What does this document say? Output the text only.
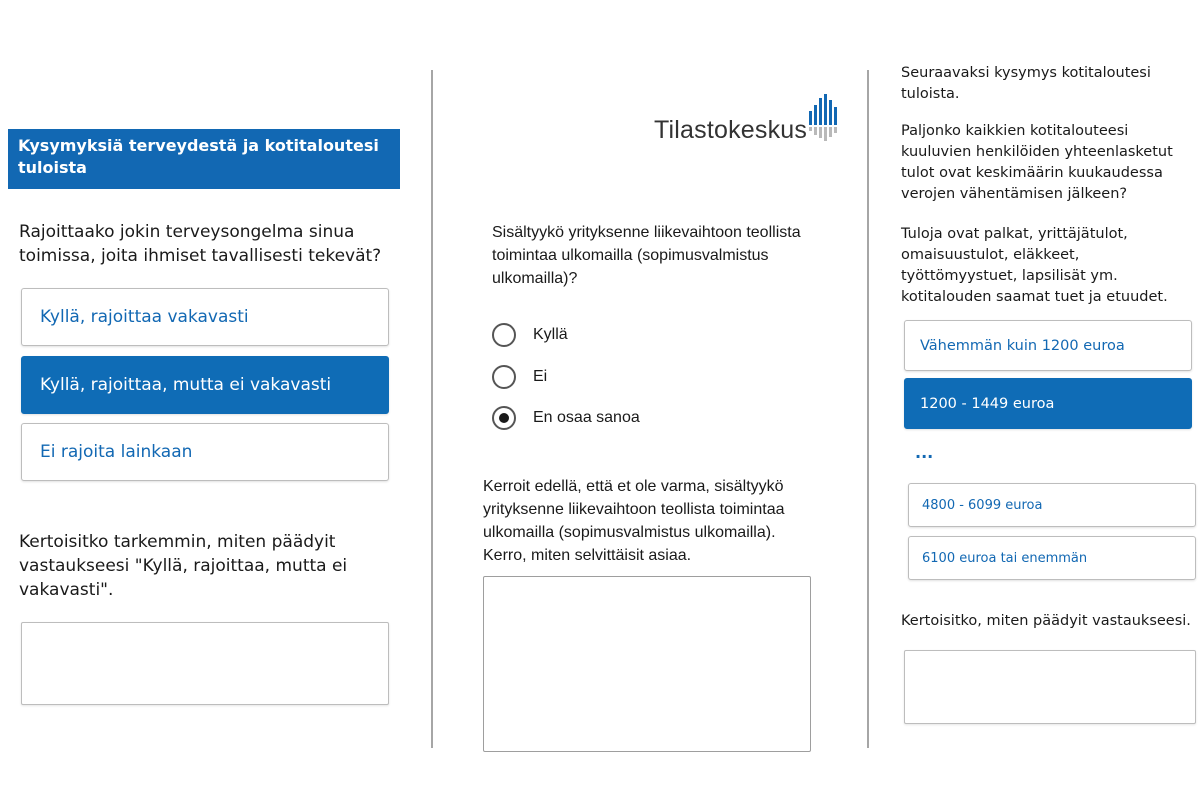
Kysymyksiä terveydestä ja kotitaloutesi tuloista
Rajoittaako jokin terveysongelma sinua toimissa, joita ihmiset tavallisesti tekevät?
Kyllä, rajoittaa vakavasti
Kyllä, rajoittaa, mutta ei vakavasti
Ei rajoita lainkaan
Kertoisitko tarkemmin, miten päädyit vastaukseesi "Kyllä, rajoittaa, mutta ei vakavasti".
Tilastokeskus
Sisältyykö yrityksenne liikevaihtoon teollista toimintaa ulkomailla (sopimusvalmistus ulkomailla)?
Kyllä
Ei
En osaa sanoa
Kerroit edellä, että et ole varma, sisältyykö yrityksenne liikevaihtoon teollista toimintaa ulkomailla (sopimusvalmistus ulkomailla). Kerro, miten selvittäisit asiaa.
Seuraavaksi kysymys kotitaloutesi tuloista.
Paljonko kaikkien kotitalouteesi kuuluvien henkilöiden yhteenlasketut tulot ovat keskimäärin kuukaudessa verojen vähentämisen jälkeen?
Tuloja ovat palkat, yrittäjätulot, omaisuustulot, eläkkeet, työttömyystuet, lapsilisät ym. kotitalouden saamat tuet ja etuudet.
Vähemmän kuin 1200 euroa
1200 - 1449 euroa
...
4800 - 6099 euroa
6100 euroa tai enemmän
Kertoisitko, miten päädyit vastaukseesi.
